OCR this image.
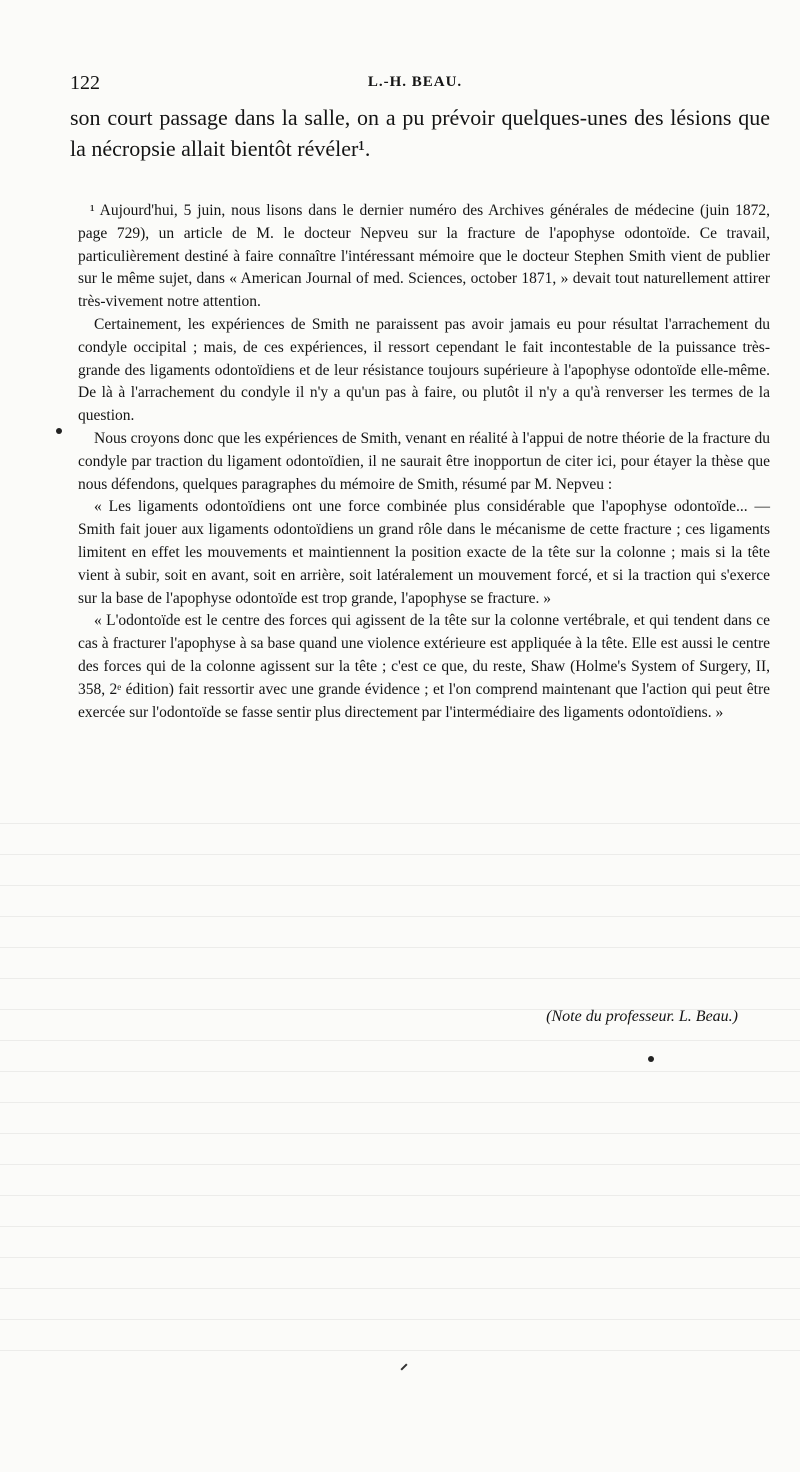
122	L.-H. BEAU.

son court passage dans la salle, on a pu prévoir quelques-unes des lésions que la nécropsie allait bientôt révéler¹.

¹ Aujourd'hui, 5 juin, nous lisons dans le dernier numéro des Archives générales de médecine (juin 1872, page 729), un article de M. le docteur Nepveu sur la fracture de l'apophyse odontoïde. Ce travail, particulièrement destiné à faire connaître l'intéressant mémoire que le docteur Stephen Smith vient de publier sur le même sujet, dans « American Journal of med. Sciences, october 1871, » devait tout naturellement attirer très-vivement notre attention.

Certainement, les expériences de Smith ne paraissent pas avoir jamais eu pour résultat l'arrachement du condyle occipital ; mais, de ces expériences, il ressort cependant le fait incontestable de la puissance très-grande des ligaments odontoïdiens et de leur résistance toujours supérieure à l'apophyse odontoïde elle-même. De là à l'arrachement du condyle il n'y a qu'un pas à faire, ou plutôt il n'y a qu'à renverser les termes de la question.

Nous croyons donc que les expériences de Smith, venant en réalité à l'appui de notre théorie de la fracture du condyle par traction du ligament odontoïdien, il ne saurait être inopportun de citer ici, pour étayer la thèse que nous défendons, quelques paragraphes du mémoire de Smith, résumé par M. Nepveu :

« Les ligaments odontoïdiens ont une force combinée plus considérable que l'apophyse odontoïde... — Smith fait jouer aux ligaments odontoïdiens un grand rôle dans le mécanisme de cette fracture ; ces ligaments limitent en effet les mouvements et maintiennent la position exacte de la tête sur la colonne ; mais si la tête vient à subir, soit en avant, soit en arrière, soit latéralement un mouvement forcé, et si la traction qui s'exerce sur la base de l'apophyse odontoïde est trop grande, l'apophyse se fracture. »

« L'odontoïde est le centre des forces qui agissent de la tête sur la colonne vertébrale, et qui tendent dans ce cas à fracturer l'apophyse à sa base quand une violence extérieure est appliquée à la tête. Elle est aussi le centre des forces qui de la colonne agissent sur la tête ; c'est ce que, du reste, Shaw (Holme's System of Surgery, II, 358, 2ᵉ édition) fait ressortir avec une grande évidence ; et l'on comprend maintenant que l'action qui peut être exercée sur l'odontoïde se fasse sentir plus directement par l'intermédiaire des ligaments odontoïdiens. »

(Note du professeur. L. Beau.)
